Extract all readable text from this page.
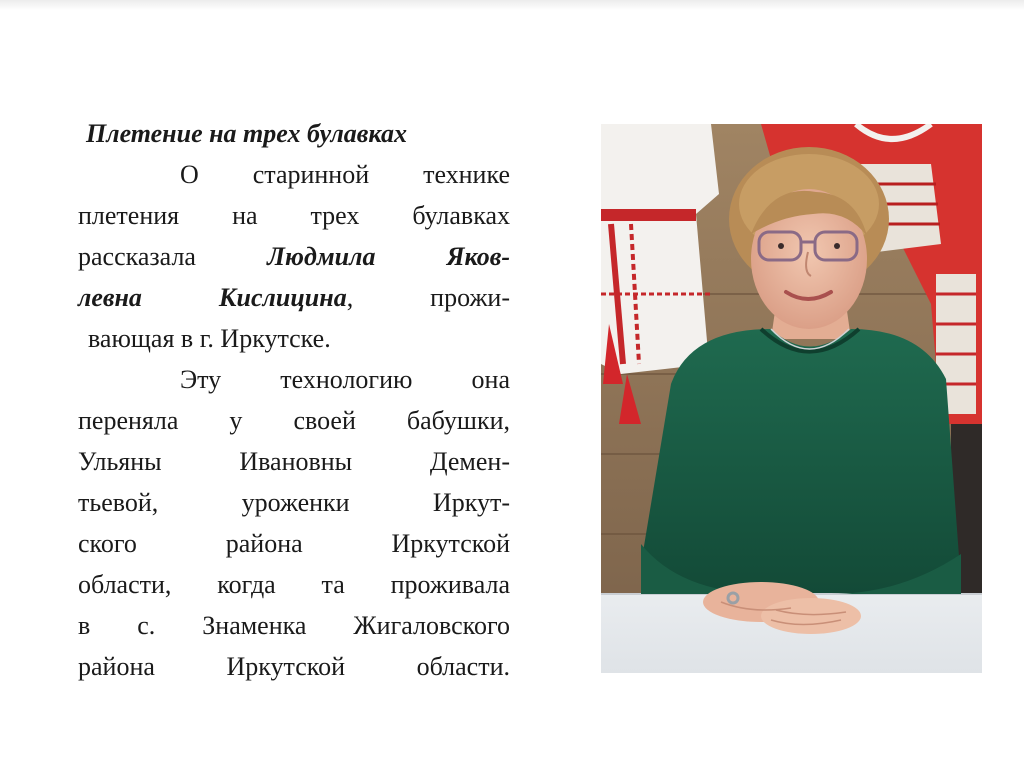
Плетение на трех булавках
О старинной технике
плетения на трех булавках
рассказала Людмила Яков-
левна Кислицина, прожи-
вающая в г. Иркутске.
Эту технологию она
переняла у своей бабушки,
Ульяны Ивановны Демен-
тьевой, уроженки Иркут-
ского района Иркутской
области, когда та проживала
в с. Знаменка Жигаловского
района Иркутской области.
